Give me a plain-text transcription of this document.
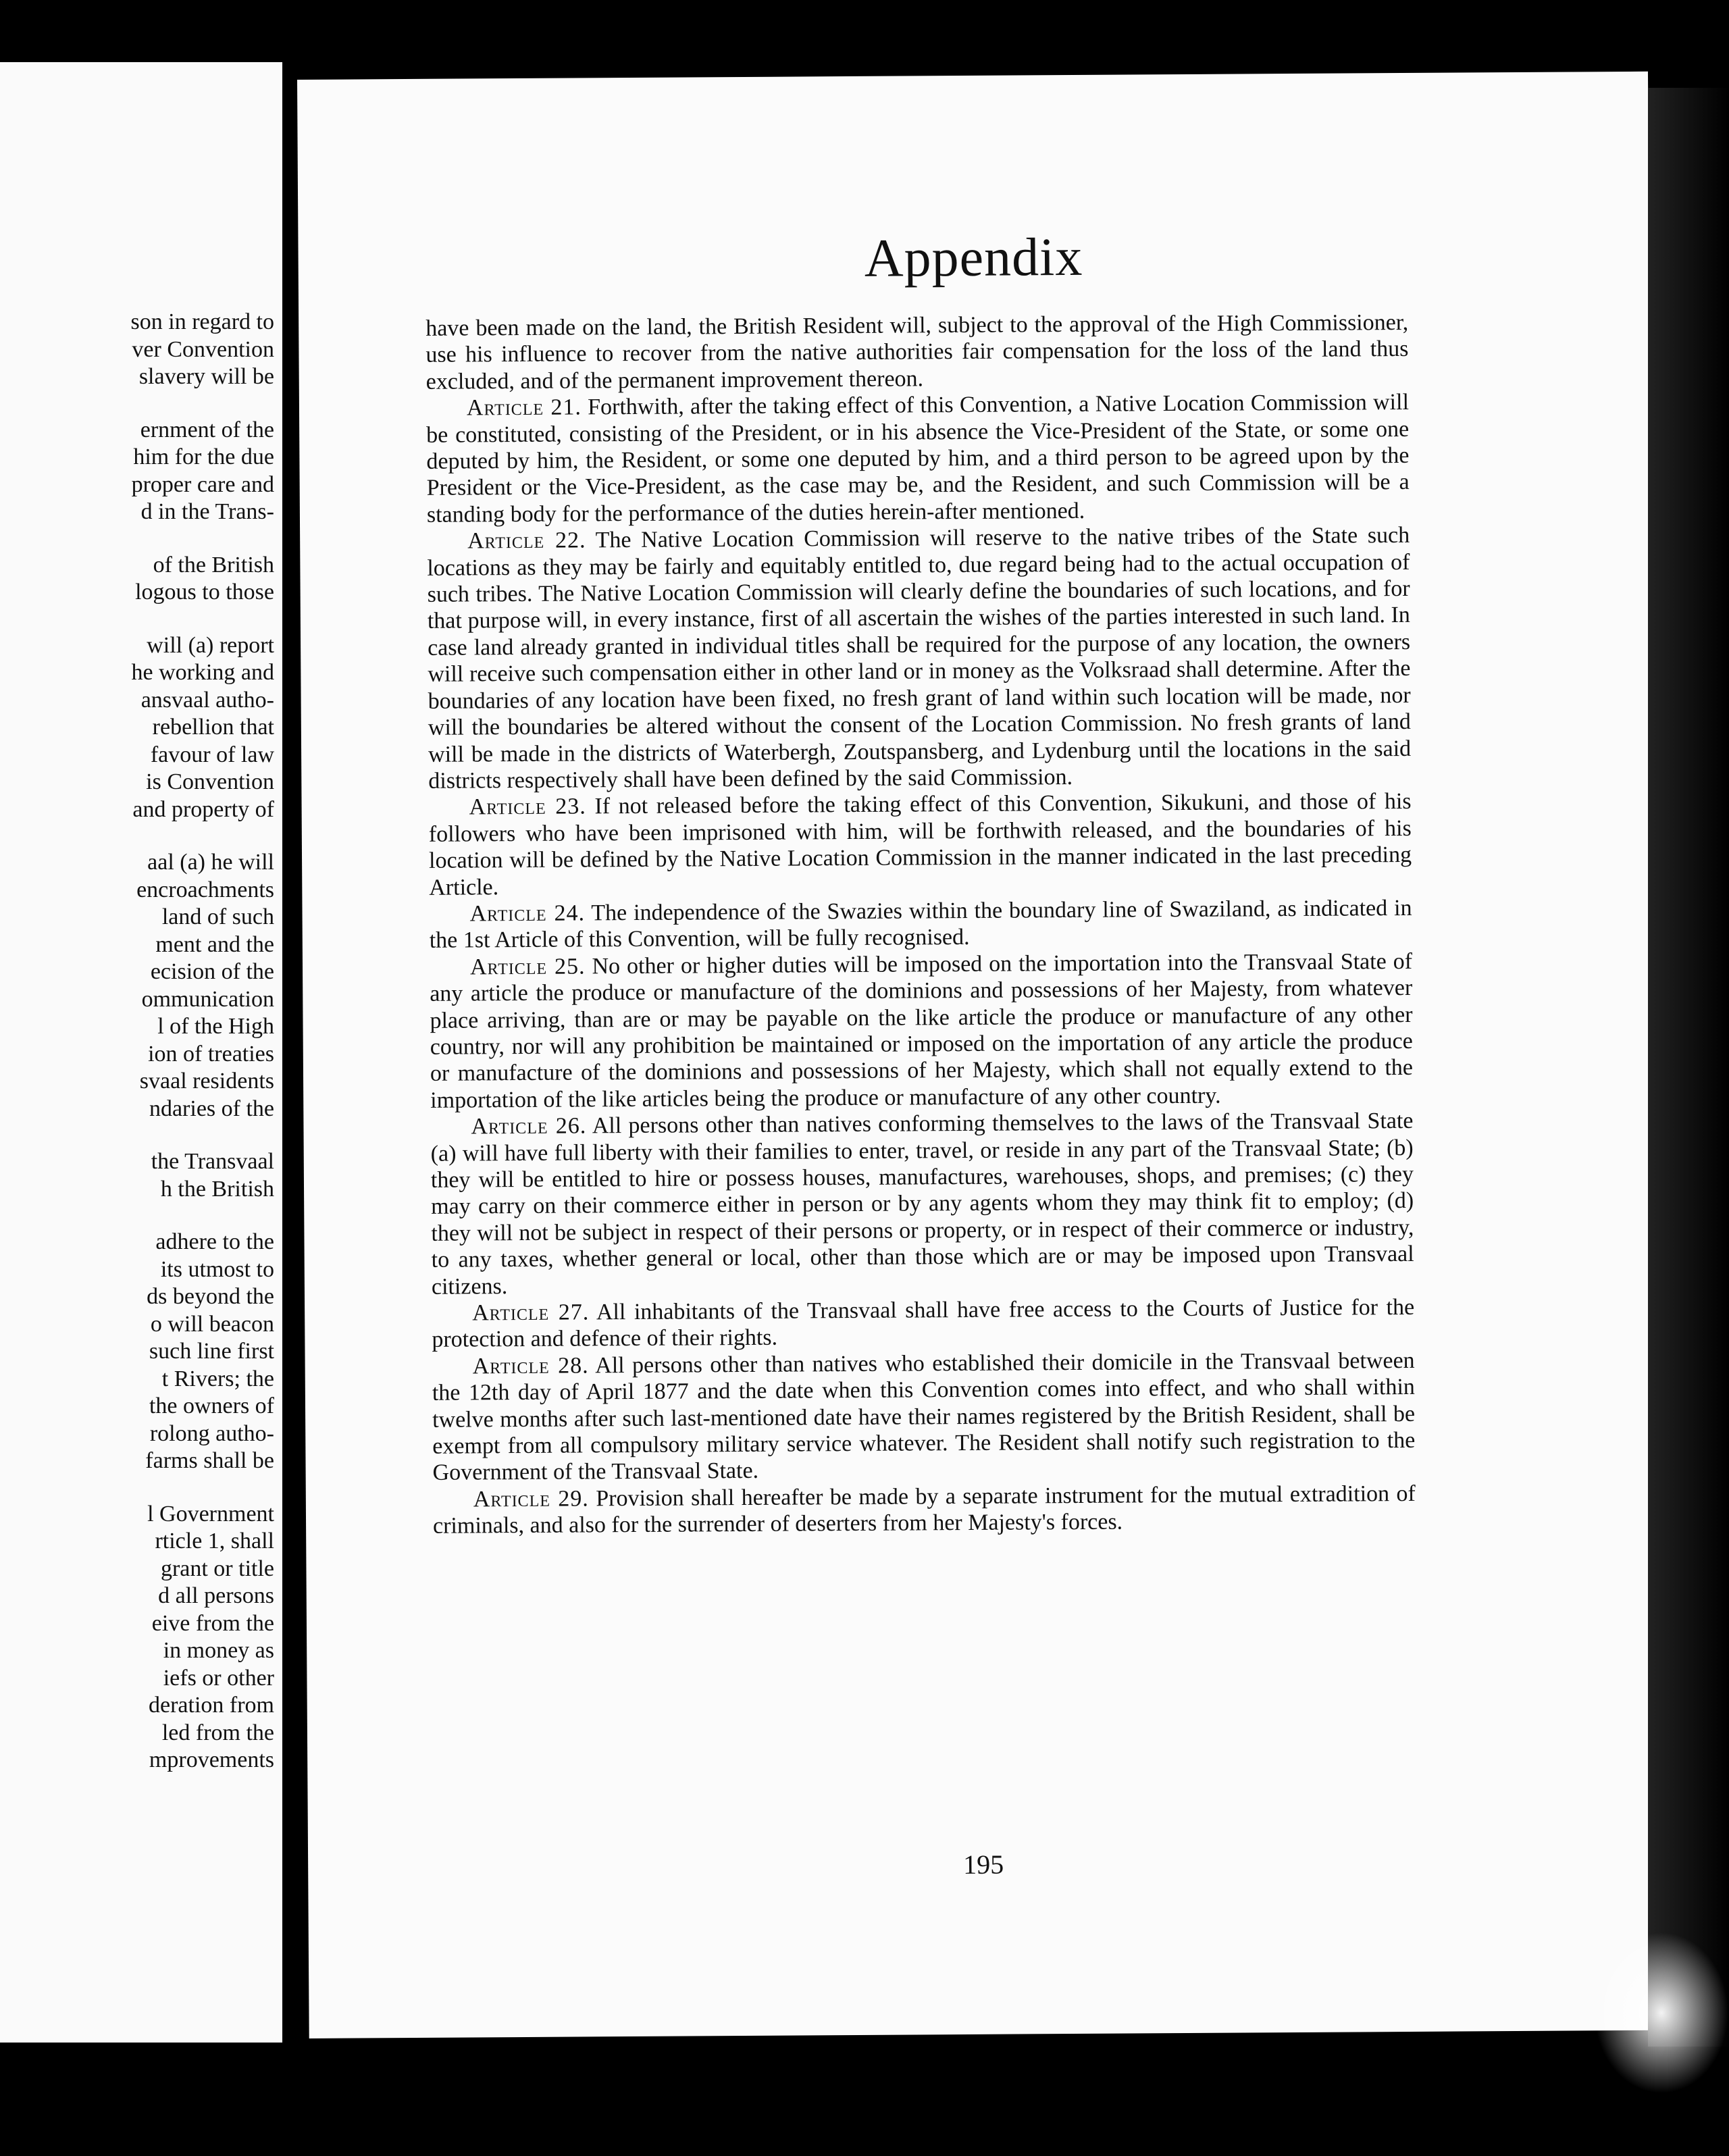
son in regard to
ver Convention
slavery will be
ernment of the
him for the due
proper care and
d in the Trans-
of the British
logous to those
will (a) report
he working and
ansvaal autho-
rebellion that
favour of law
is Convention
and property of
aal (a) he will
encroachments
land of such
ment and the
ecision of the
ommunication
l of the High
ion of treaties
svaal residents
ndaries of the
the Transvaal
h the British
adhere to the
its utmost to
ds beyond the
o will beacon
such line first
t Rivers; the
the owners of
rolong autho-
farms shall be
l Government
rticle 1, shall
grant or title
d all persons
eive from the
in money as
iefs or other
deration from
led from the
mprovements
Appendix

have been made on the land, the British Resident will, subject to the approval of the High Commissioner, use his influence to recover from the native authorities fair compensation for the loss of the land thus excluded, and of the permanent improvement thereon.

Article 21. Forthwith, after the taking effect of this Convention, a Native Location Commission will be constituted, consisting of the President, or in his absence the Vice-President of the State, or some one deputed by him, the Resident, or some one deputed by him, and a third person to be agreed upon by the President or the Vice-President, as the case may be, and the Resident, and such Commission will be a standing body for the performance of the duties herein-after mentioned.

Article 22. The Native Location Commission will reserve to the native tribes of the State such locations as they may be fairly and equitably entitled to, due regard being had to the actual occupation of such tribes. The Native Location Commission will clearly define the boundaries of such locations, and for that purpose will, in every instance, first of all ascertain the wishes of the parties interested in such land. In case land already granted in individual titles shall be required for the purpose of any location, the owners will receive such compensation either in other land or in money as the Volksraad shall determine. After the boundaries of any location have been fixed, no fresh grant of land within such location will be made, nor will the boundaries be altered without the consent of the Location Commission. No fresh grants of land will be made in the districts of Waterbergh, Zoutspansberg, and Lydenburg until the locations in the said districts respectively shall have been defined by the said Commission.

Article 23. If not released before the taking effect of this Convention, Sikukuni, and those of his followers who have been imprisoned with him, will be forthwith released, and the boundaries of his location will be defined by the Native Location Commission in the manner indicated in the last preceding Article.

Article 24. The independence of the Swazies within the boundary line of Swaziland, as indicated in the 1st Article of this Convention, will be fully recognised.

Article 25. No other or higher duties will be imposed on the importation into the Transvaal State of any article the produce or manufacture of the dominions and possessions of her Majesty, from whatever place arriving, than are or may be payable on the like article the produce or manufacture of any other country, nor will any prohibition be maintained or imposed on the importation of any article the produce or manufacture of the dominions and possessions of her Majesty, which shall not equally extend to the importation of the like articles being the produce or manufacture of any other country.

Article 26. All persons other than natives conforming themselves to the laws of the Transvaal State (a) will have full liberty with their families to enter, travel, or reside in any part of the Transvaal State; (b) they will be entitled to hire or possess houses, manufactures, warehouses, shops, and premises; (c) they may carry on their commerce either in person or by any agents whom they may think fit to employ; (d) they will not be subject in respect of their persons or property, or in respect of their commerce or industry, to any taxes, whether general or local, other than those which are or may be imposed upon Transvaal citizens.

Article 27. All inhabitants of the Transvaal shall have free access to the Courts of Justice for the protection and defence of their rights.

Article 28. All persons other than natives who established their domicile in the Transvaal between the 12th day of April 1877 and the date when this Convention comes into effect, and who shall within twelve months after such last-mentioned date have their names registered by the British Resident, shall be exempt from all compulsory military service whatever. The Resident shall notify such registration to the Government of the Transvaal State.

Article 29. Provision shall hereafter be made by a separate instrument for the mutual extradition of criminals, and also for the surrender of deserters from her Majesty's forces.

195
